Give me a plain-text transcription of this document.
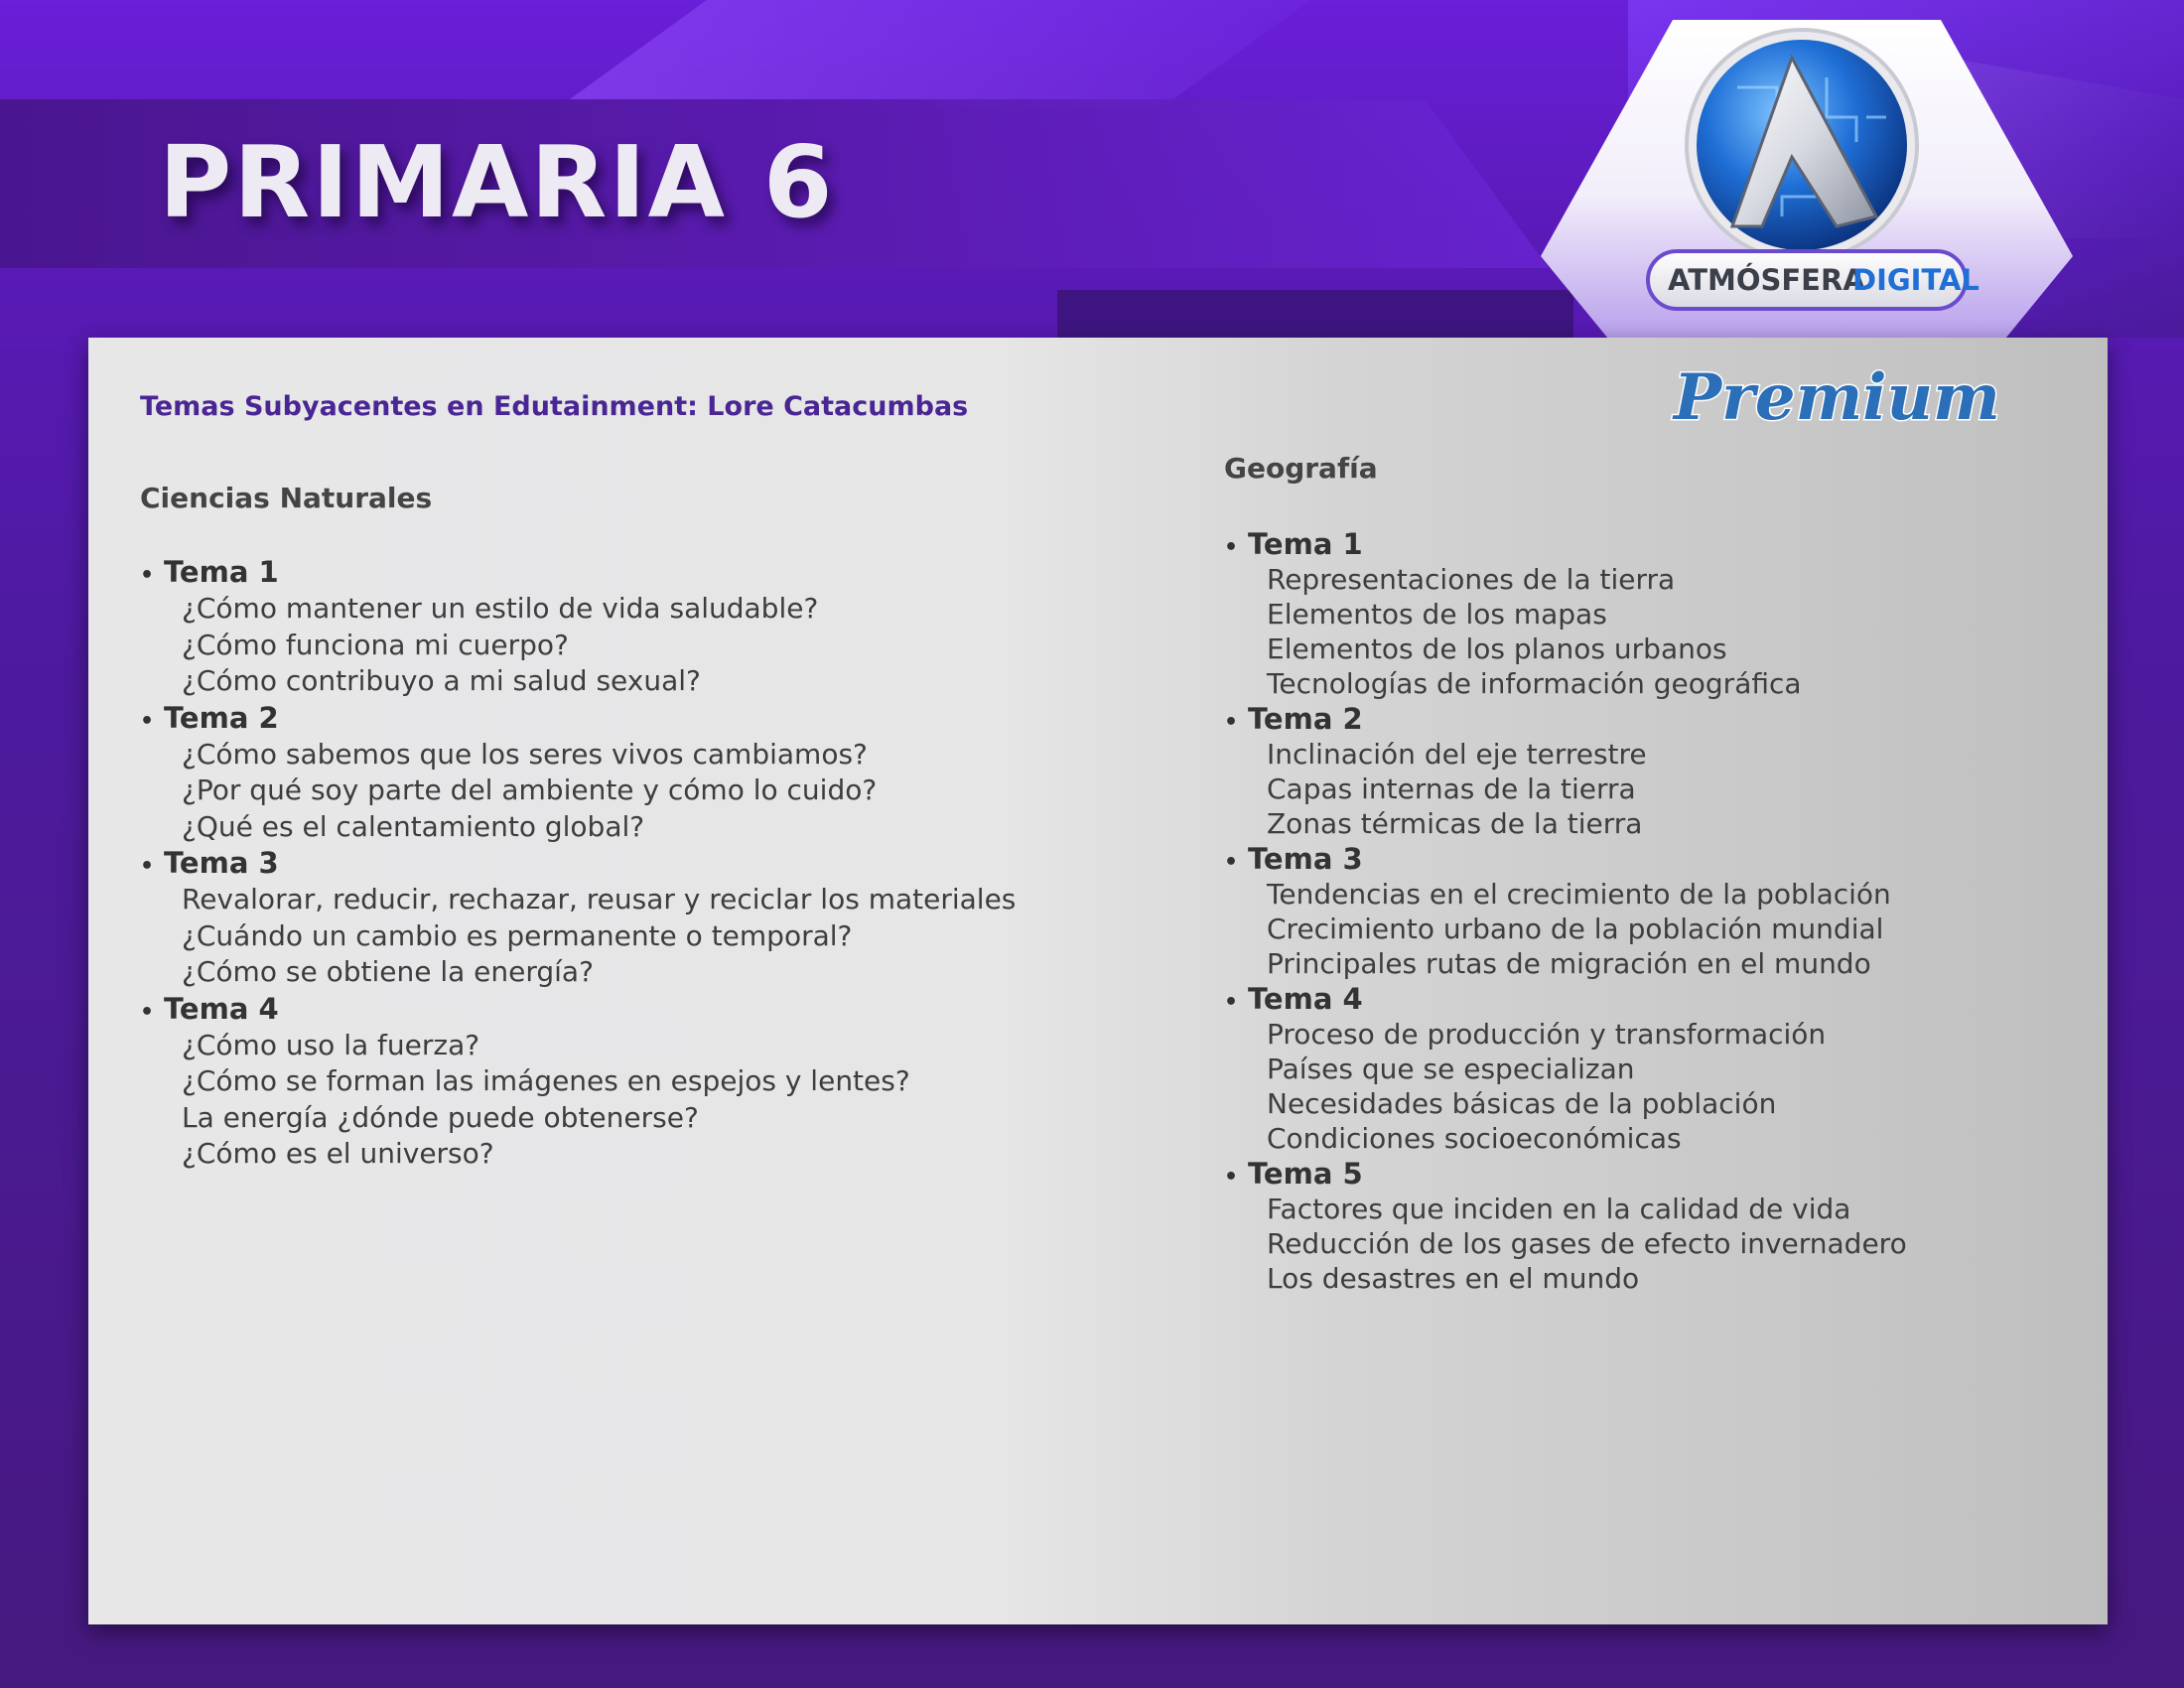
PRIMARIA 6
ATMÓSFERA
DIGITAL
Premium
Temas Subyacentes en Edutainment: Lore Catacumbas
Ciencias Naturales
• Tema 1
¿Cómo mantener un estilo de vida saludable?
¿Cómo funciona mi cuerpo?
¿Cómo contribuyo a mi salud sexual?
• Tema 2
¿Cómo sabemos que los seres vivos cambiamos?
¿Por qué soy parte del ambiente y cómo lo cuido?
¿Qué es el calentamiento global?
• Tema 3
Revalorar, reducir, rechazar, reusar y reciclar los materiales
¿Cuándo un cambio es permanente o temporal?
¿Cómo se obtiene la energía?
• Tema 4
¿Cómo uso la fuerza?
¿Cómo se forman las imágenes en espejos y lentes?
La energía ¿dónde puede obtenerse?
¿Cómo es el universo?
Geografía
• Tema 1
Representaciones de la tierra
Elementos de los mapas
Elementos de los planos urbanos
Tecnologías de información geográfica
• Tema 2
Inclinación del eje terrestre
Capas internas de la tierra
Zonas térmicas de la tierra
• Tema 3
Tendencias en el crecimiento de la población
Crecimiento urbano de la población mundial
Principales rutas de migración en el mundo
• Tema 4
Proceso de producción y transformación
Países que se especializan
Necesidades básicas de la población
Condiciones socioeconómicas
• Tema 5
Factores que inciden en la calidad de vida
Reducción de los gases de efecto invernadero
Los desastres en el mundo
